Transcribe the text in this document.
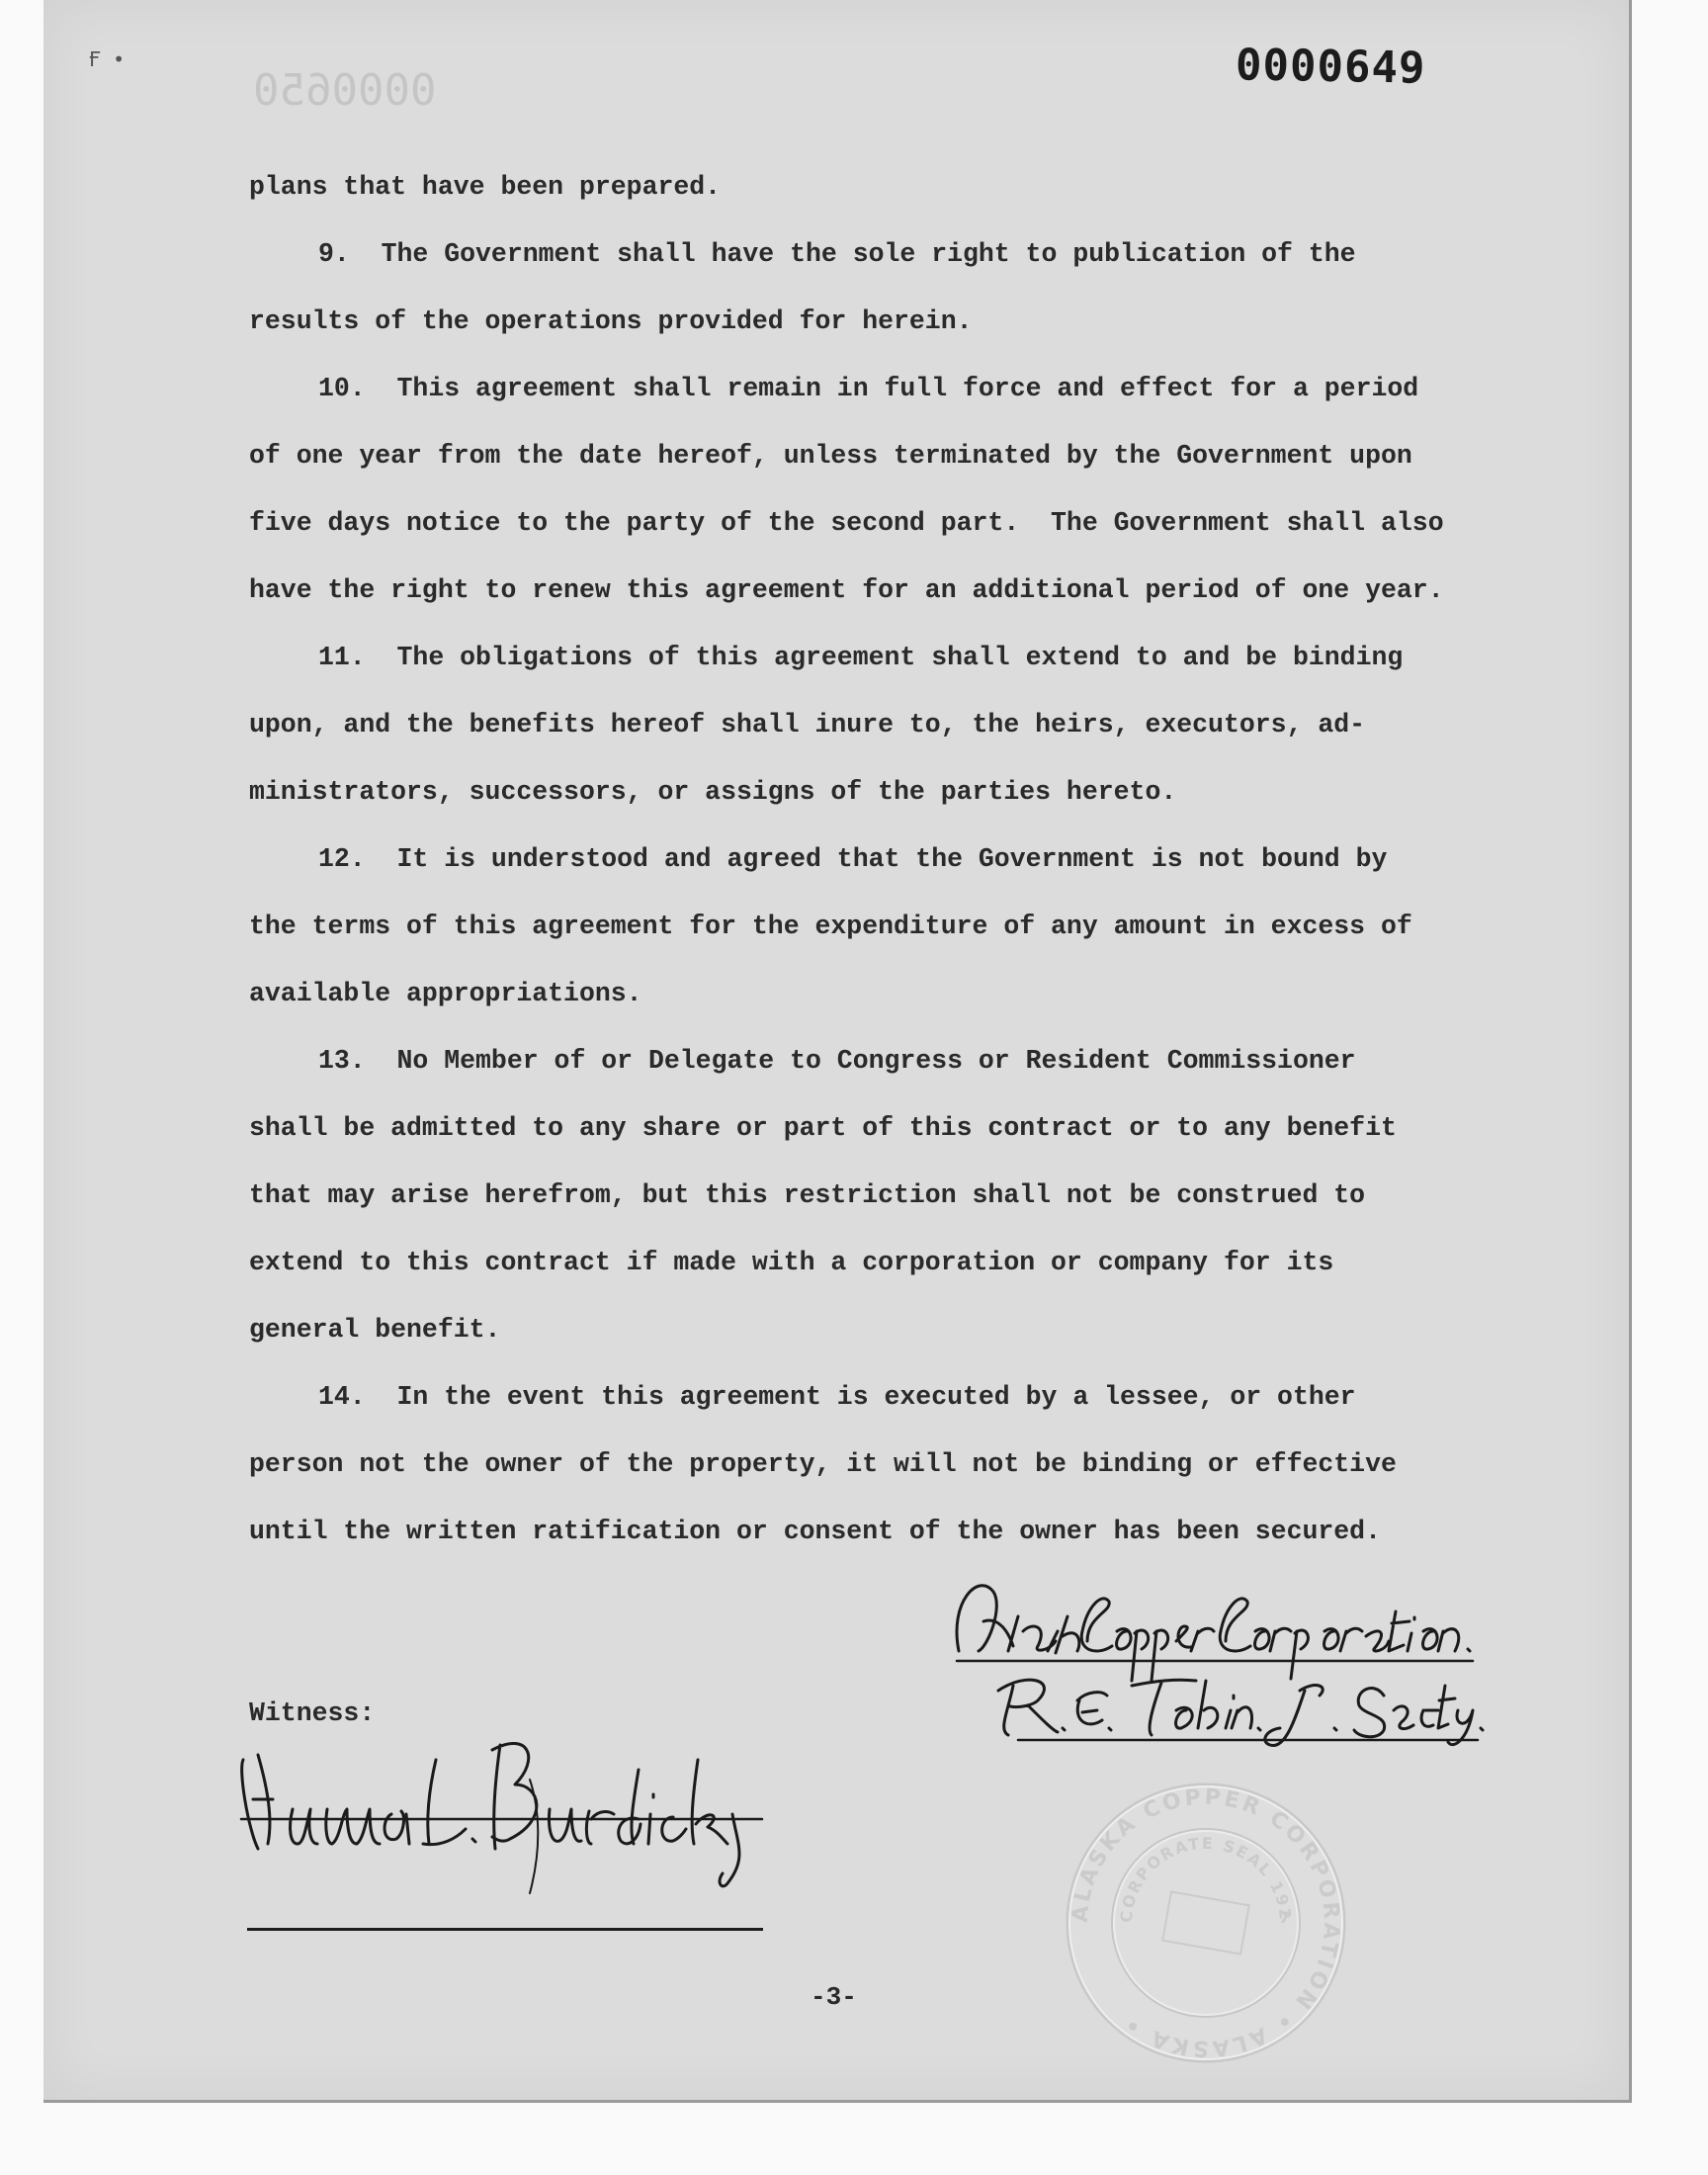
Ғ •
0000650	0000649
plans that have been prepared.
9.  The Government shall have the sole right to publication of the
results of the operations provided for herein.
10.  This agreement shall remain in full force and effect for a period
of one year from the date hereof, unless terminated by the Government upon
five days notice to the party of the second part.  The Government shall also
have the right to renew this agreement for an additional period of one year.
11.  The obligations of this agreement shall extend to and be binding
upon, and the benefits hereof shall inure to, the heirs, executors, ad-
ministrators, successors, or assigns of the parties hereto.
12.  It is understood and agreed that the Government is not bound by
the terms of this agreement for the expenditure of any amount in excess of
available appropriations.
13.  No Member of or Delegate to Congress or Resident Commissioner
shall be admitted to any share or part of this contract or to any benefit
that may arise herefrom, but this restriction shall not be construed to
extend to this contract if made with a corporation or company for its
general benefit.
14.  In the event this agreement is executed by a lessee, or other
person not the owner of the property, it will not be binding or effective
until the written ratification or consent of the owner has been secured.
Witness:
ALASKA COPPER CORPORATION • ALASKA •
CORPORATE SEAL 1927
-3-
